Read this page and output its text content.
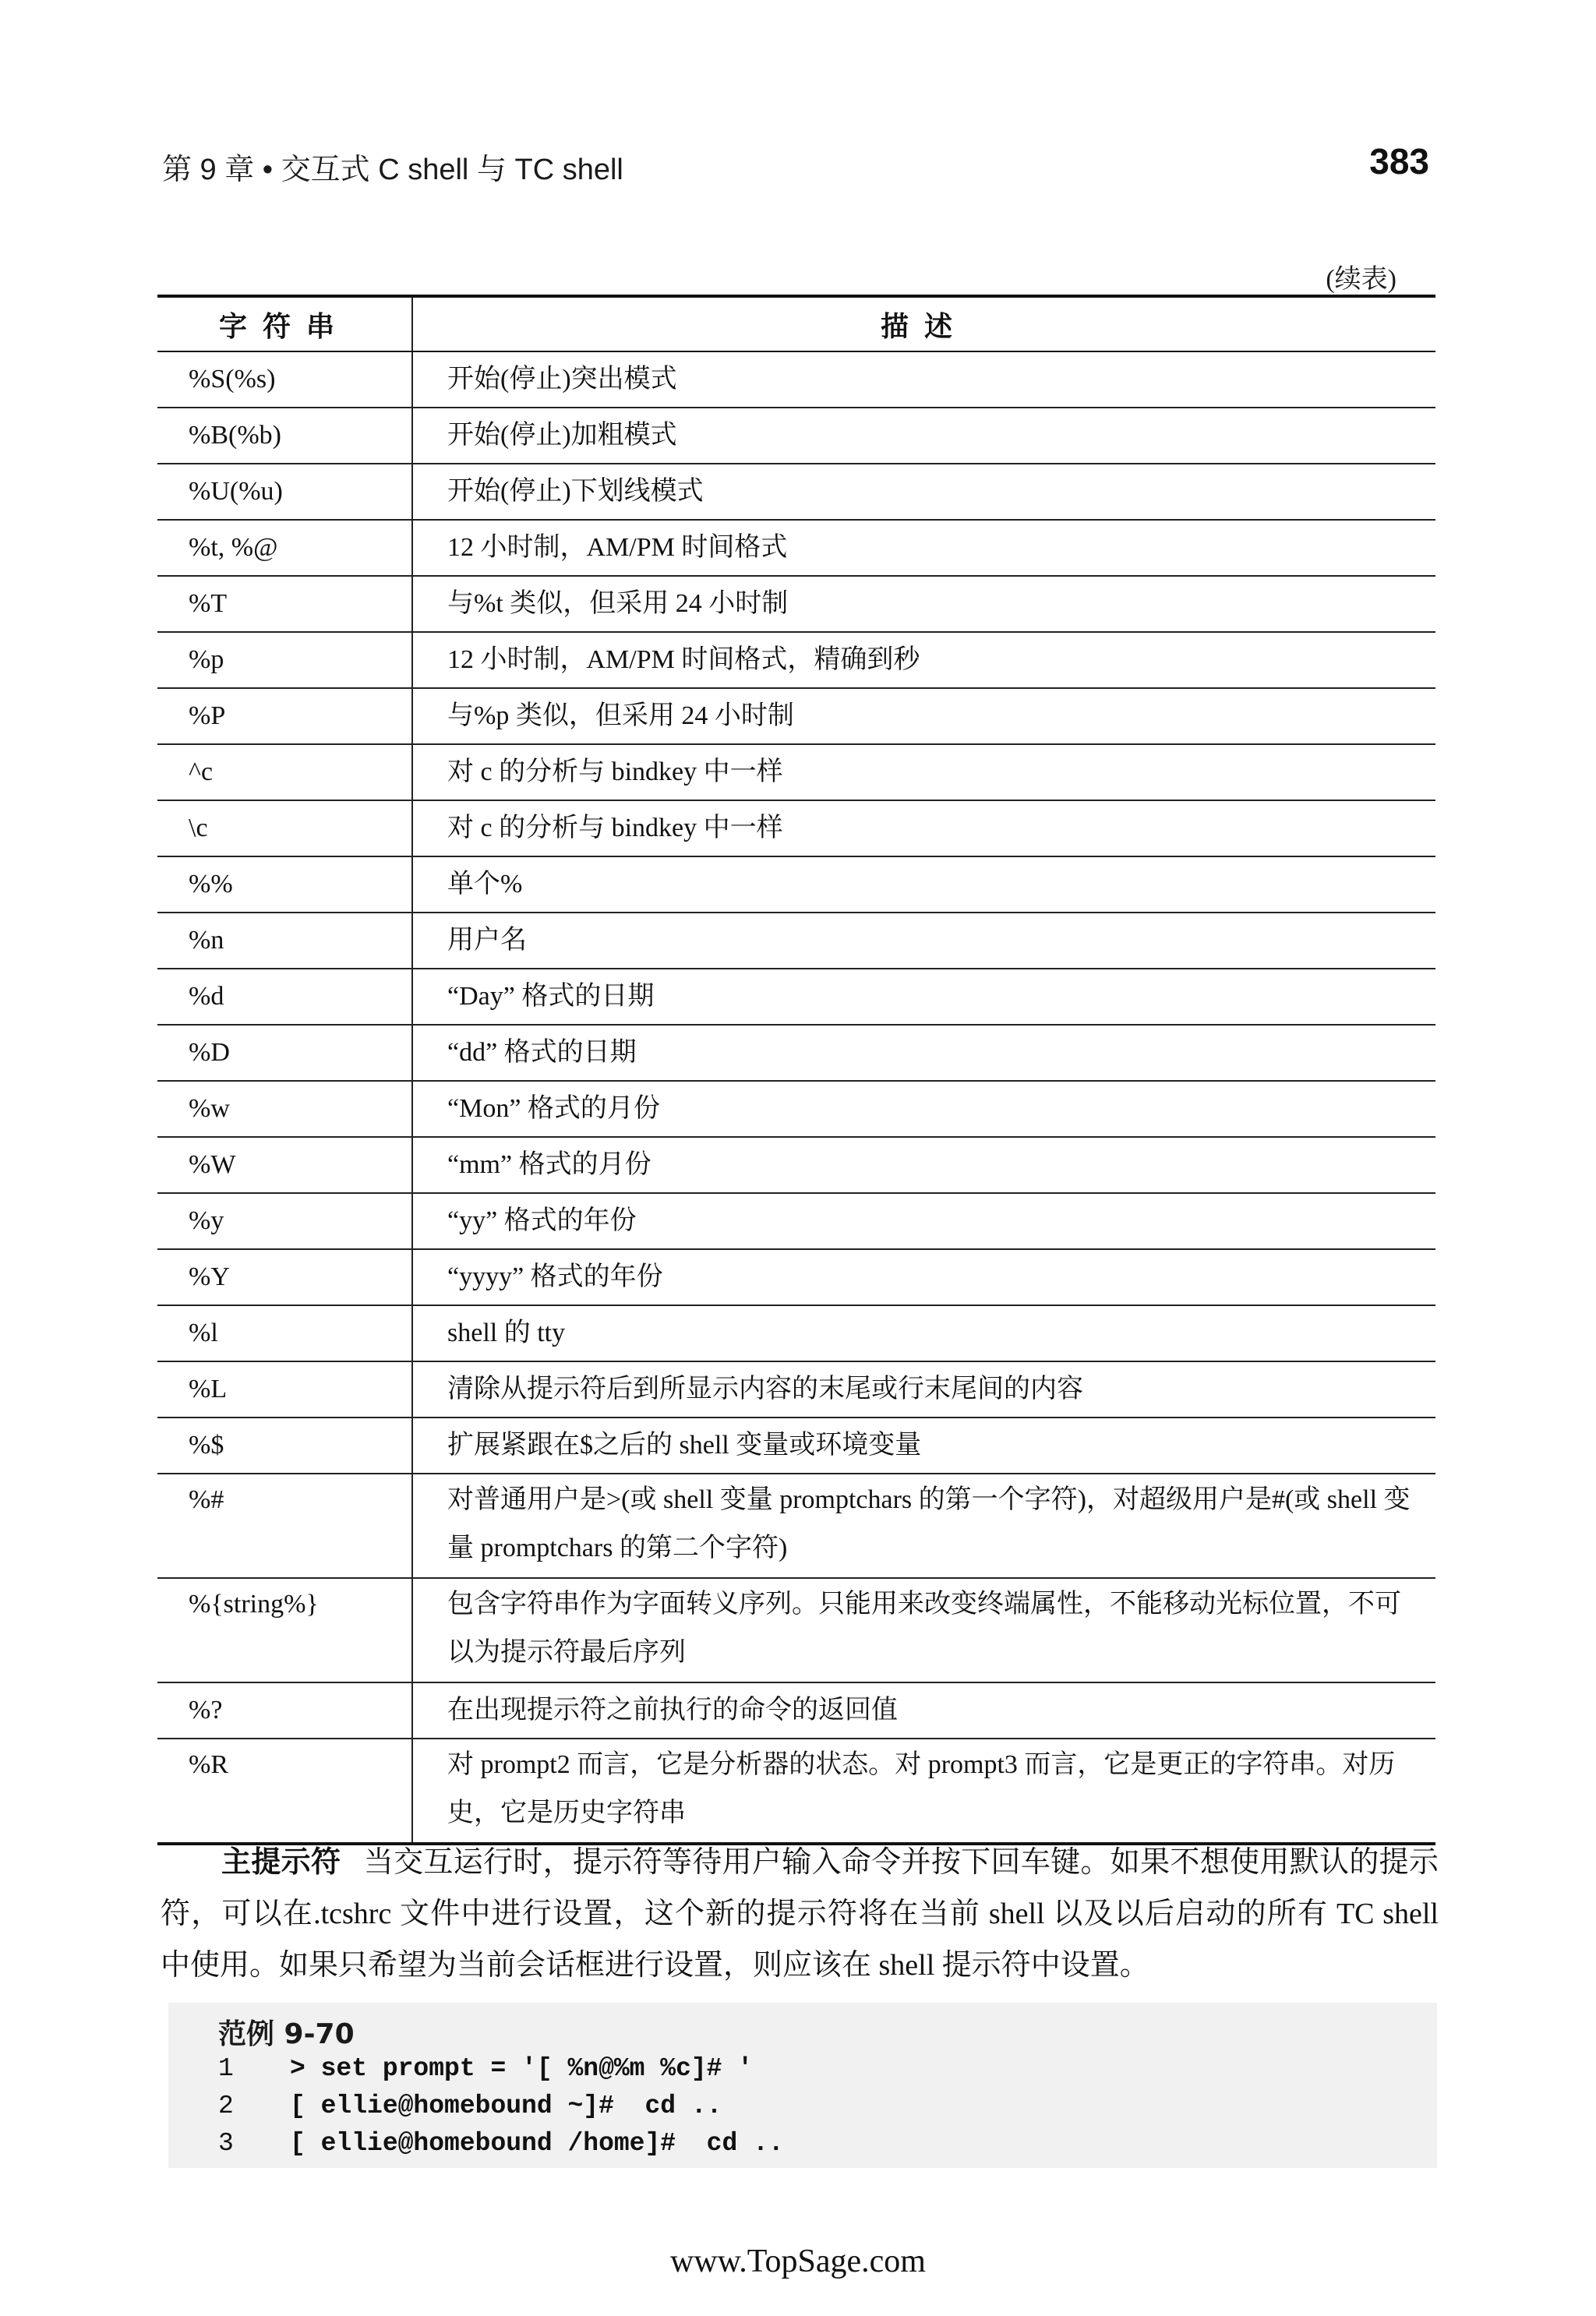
第 9 章 • 交互式 C shell 与 TC shell	383
(续表)
字符串	描述
%S(%s)	开始(停止)突出模式
%B(%b)	开始(停止)加粗模式
%U(%u)	开始(停止)下划线模式
%t, %@	12 小时制，AM/PM 时间格式
%T	与%t 类似，但采用 24 小时制
%p	12 小时制，AM/PM 时间格式，精确到秒
%P	与%p 类似，但采用 24 小时制
^c	对 c 的分析与 bindkey 中一样
\c	对 c 的分析与 bindkey 中一样
%%	单个%
%n	用户名
%d	“Day” 格式的日期
%D	“dd” 格式的日期
%w	“Mon” 格式的月份
%W	“mm” 格式的月份
%y	“yy” 格式的年份
%Y	“yyyy” 格式的年份
%l	shell 的 tty
%L	清除从提示符后到所显示内容的末尾或行末尾间的内容
%$	扩展紧跟在$之后的 shell 变量或环境变量
%#	对普通用户是>(或 shell 变量 promptchars 的第一个字符)，对超级用户是#(或 shell 变量 promptchars 的第二个字符)
%{string%}	包含字符串作为字面转义序列。只能用来改变终端属性，不能移动光标位置，不可以为提示符最后序列
%?	在出现提示符之前执行的命令的返回值
%R	对 prompt2 而言，它是分析器的状态。对 prompt3 而言，它是更正的字符串。对历史，它是历史字符串
主提示符 当交互运行时，提示符等待用户输入命令并按下回车键。如果不想使用默认的提示符，可以在.tcshrc 文件中进行设置，这个新的提示符将在当前 shell 以及以后启动的所有 TC shell 中使用。如果只希望为当前会话框进行设置，则应该在 shell 提示符中设置。
范例 9-70
1 > set prompt = '[ %n@%m %c]# '
2 [ ellie@homebound ~]#  cd ..
3 [ ellie@homebound /home]#  cd ..
www.TopSage.com
